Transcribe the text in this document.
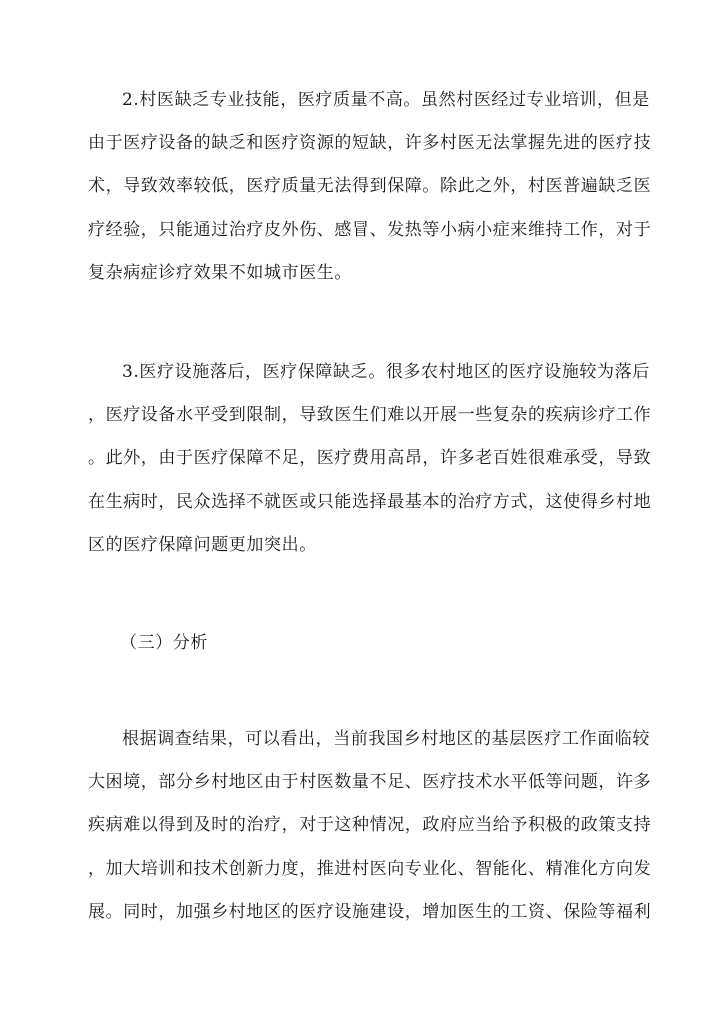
2.村医缺乏专业技能，医疗质量不高。虽然村医经过专业培训，但是
由于医疗设备的缺乏和医疗资源的短缺，许多村医无法掌握先进的医疗技
术，导致效率较低，医疗质量无法得到保障。除此之外，村医普遍缺乏医
疗经验，只能通过治疗皮外伤、感冒、发热等小病小症来维持工作，对于
复杂病症诊疗效果不如城市医生。
3.医疗设施落后，医疗保障缺乏。很多农村地区的医疗设施较为落后
，医疗设备水平受到限制，导致医生们难以开展一些复杂的疾病诊疗工作
。此外，由于医疗保障不足，医疗费用高昂，许多老百姓很难承受，导致
在生病时，民众选择不就医或只能选择最基本的治疗方式，这使得乡村地
区的医疗保障问题更加突出。
（三）分析
根据调查结果，可以看出，当前我国乡村地区的基层医疗工作面临较
大困境，部分乡村地区由于村医数量不足、医疗技术水平低等问题，许多
疾病难以得到及时的治疗，对于这种情况，政府应当给予积极的政策支持
，加大培训和技术创新力度，推进村医向专业化、智能化、精准化方向发
展。同时，加强乡村地区的医疗设施建设，增加医生的工资、保险等福利
